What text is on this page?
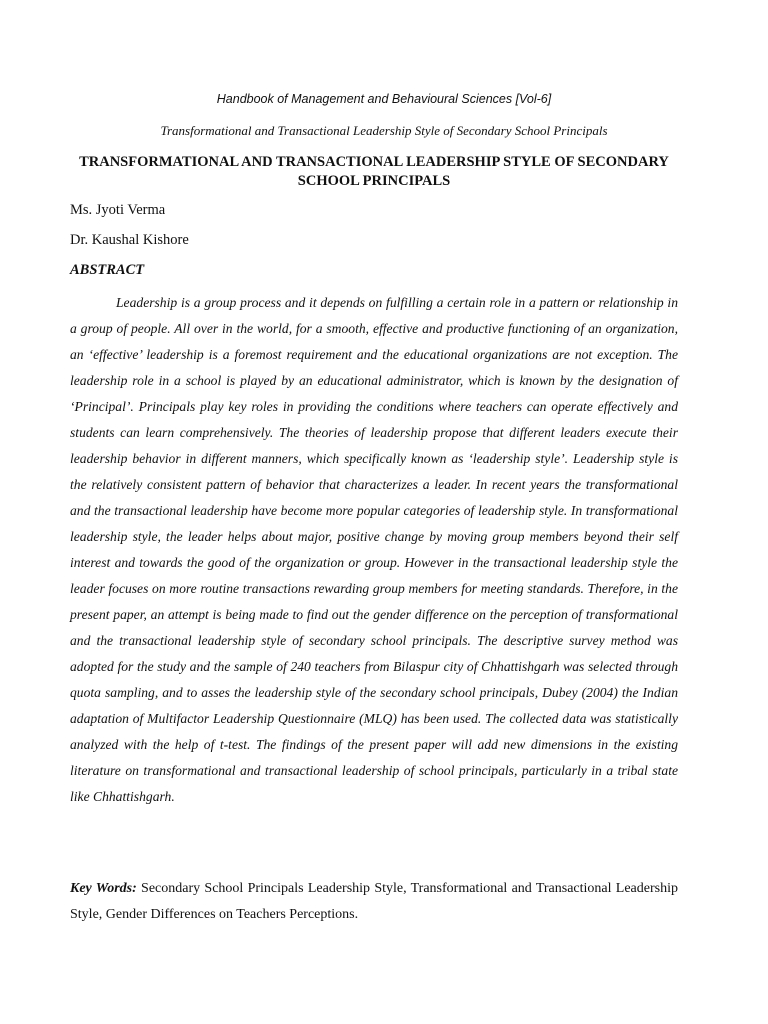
Handbook of Management and Behavioural Sciences [Vol-6]
Transformational and Transactional Leadership Style of Secondary School Principals
TRANSFORMATIONAL AND TRANSACTIONAL LEADERSHIP STYLE OF SECONDARY SCHOOL PRINCIPALS
Ms. Jyoti Verma
Dr. Kaushal Kishore
ABSTRACT

Leadership is a group process and it depends on fulfilling a certain role in a pattern or relationship in a group of people. All over in the world, for a smooth, effective and productive functioning of an organization, an ‘effective’ leadership is a foremost requirement and the educational organizations are not exception. The leadership role in a school is played by an educational administrator, which is known by the designation of ‘Principal’. Principals play key roles in providing the conditions where teachers can operate effectively and students can learn comprehensively. The theories of leadership propose that different leaders execute their leadership behavior in different manners, which specifically known as ‘leadership style’. Leadership style is the relatively consistent pattern of behavior that characterizes a leader. In recent years the transformational and the transactional leadership have become more popular categories of leadership style. In transformational leadership style, the leader helps about major, positive change by moving group members beyond their self interest and towards the good of the organization or group. However in the transactional leadership style the leader focuses on more routine transactions rewarding group members for meeting standards. Therefore, in the present paper, an attempt is being made to find out the gender difference on the perception of transformational and the transactional leadership style of secondary school principals. The descriptive survey method was adopted for the study and the sample of 240 teachers from Bilaspur city of Chhattishgarh was selected through quota sampling, and to asses the leadership style of the secondary school principals, Dubey (2004) the Indian adaptation of Multifactor Leadership Questionnaire (MLQ) has been used. The collected data was statistically analyzed with the help of t-test. The findings of the present paper will add new dimensions in the existing literature on transformational and transactional leadership of school principals, particularly in a tribal state like Chhattishgarh.

Key Words: Secondary School Principals Leadership Style, Transformational and Transactional Leadership Style, Gender Differences on Teachers Perceptions.
